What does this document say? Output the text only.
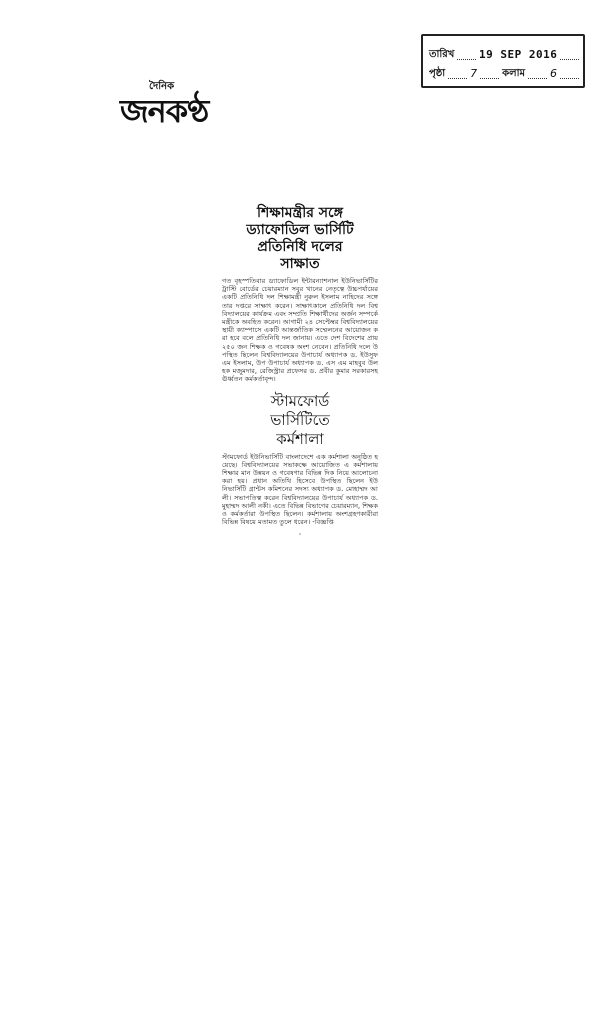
তারিখ 19 SEP 2016
পৃষ্ঠা 7 কলাম 6
দৈনিক
জনকণ্ঠ
শিক্ষামন্ত্রীর সঙ্গে
ড্যাফোডিল ভার্সিটি
প্রতিনিধি দলের
সাক্ষাত
গত বৃহস্পতিবার ড্যাফোডিল ইন্টারন্যাশনাল ইউনিভার্সিটির ট্রাস্টি বোর্ডের চেয়ারম্যান সবুর খানের নেতৃত্বে উচ্চপর্যায়ের একটি প্রতিনিধি দল শিক্ষামন্ত্রী নুরুল ইসলাম নাহিদের সঙ্গে তার দপ্তরে সাক্ষাৎ করেন। সাক্ষাৎকালে প্রতিনিধি দল বিশ্ববিদ্যালয়ের কার্যক্রম এবং সম্প্রতি শিক্ষার্থীদের অর্জন সম্পর্কে মন্ত্রীকে অবহিত করেন। আগামী ২৪ সেপ্টেম্বর বিশ্ববিদ্যালয়ের স্থায়ী ক্যাম্পাসে একটি আন্তর্জাতিক সম্মেলনের আয়োজন করা হবে বলে প্রতিনিধি দল জানায়। এতে দেশ বিদেশের প্রায় ২৫০ জন শিক্ষক ও গবেষক অংশ নেবেন। প্রতিনিধি দলে উপস্থিত ছিলেন বিশ্ববিদ্যালয়ের উপাচার্য অধ্যাপক ড. ইউসুফ এম ইসলাম, উপ উপাচার্য অধ্যাপক ড. এস এম মাহবুব উল হক মজুমদার, রেজিস্ট্রার প্রফেসর ড. প্রবীর কুমার সরকারসহ ঊর্ধ্বতন কর্মকর্তাবৃন্দ।
স্টামফোর্ড
ভার্সিটিতে
কর্মশালা
স্টামফোর্ড ইউনিভার্সিটি বাংলাদেশে এক কর্মশালা অনুষ্ঠিত হয়েছে। বিশ্ববিদ্যালয়ের সভাকক্ষে আয়োজিত এ কর্মশালায় শিক্ষার মান উন্নয়ন ও গবেষণার বিভিন্ন দিক নিয়ে আলোচনা করা হয়। প্রধান অতিথি হিসেবে উপস্থিত ছিলেন ইউনিভার্সিটি গ্রান্টস কমিশনের সদস্য অধ্যাপক ড. মোহাম্মদ আলী। সভাপতিত্ব করেন বিশ্ববিদ্যালয়ের উপাচার্য অধ্যাপক ড. মুহাম্মদ আলী নকী। এতে বিভিন্ন বিভাগের চেয়ারম্যান, শিক্ষক ও কর্মকর্তারা উপস্থিত ছিলেন। কর্মশালায় অংশগ্রহণকারীরা বিভিন্ন বিষয়ে মতামত তুলে ধরেন। -বিজ্ঞপ্তি
·
